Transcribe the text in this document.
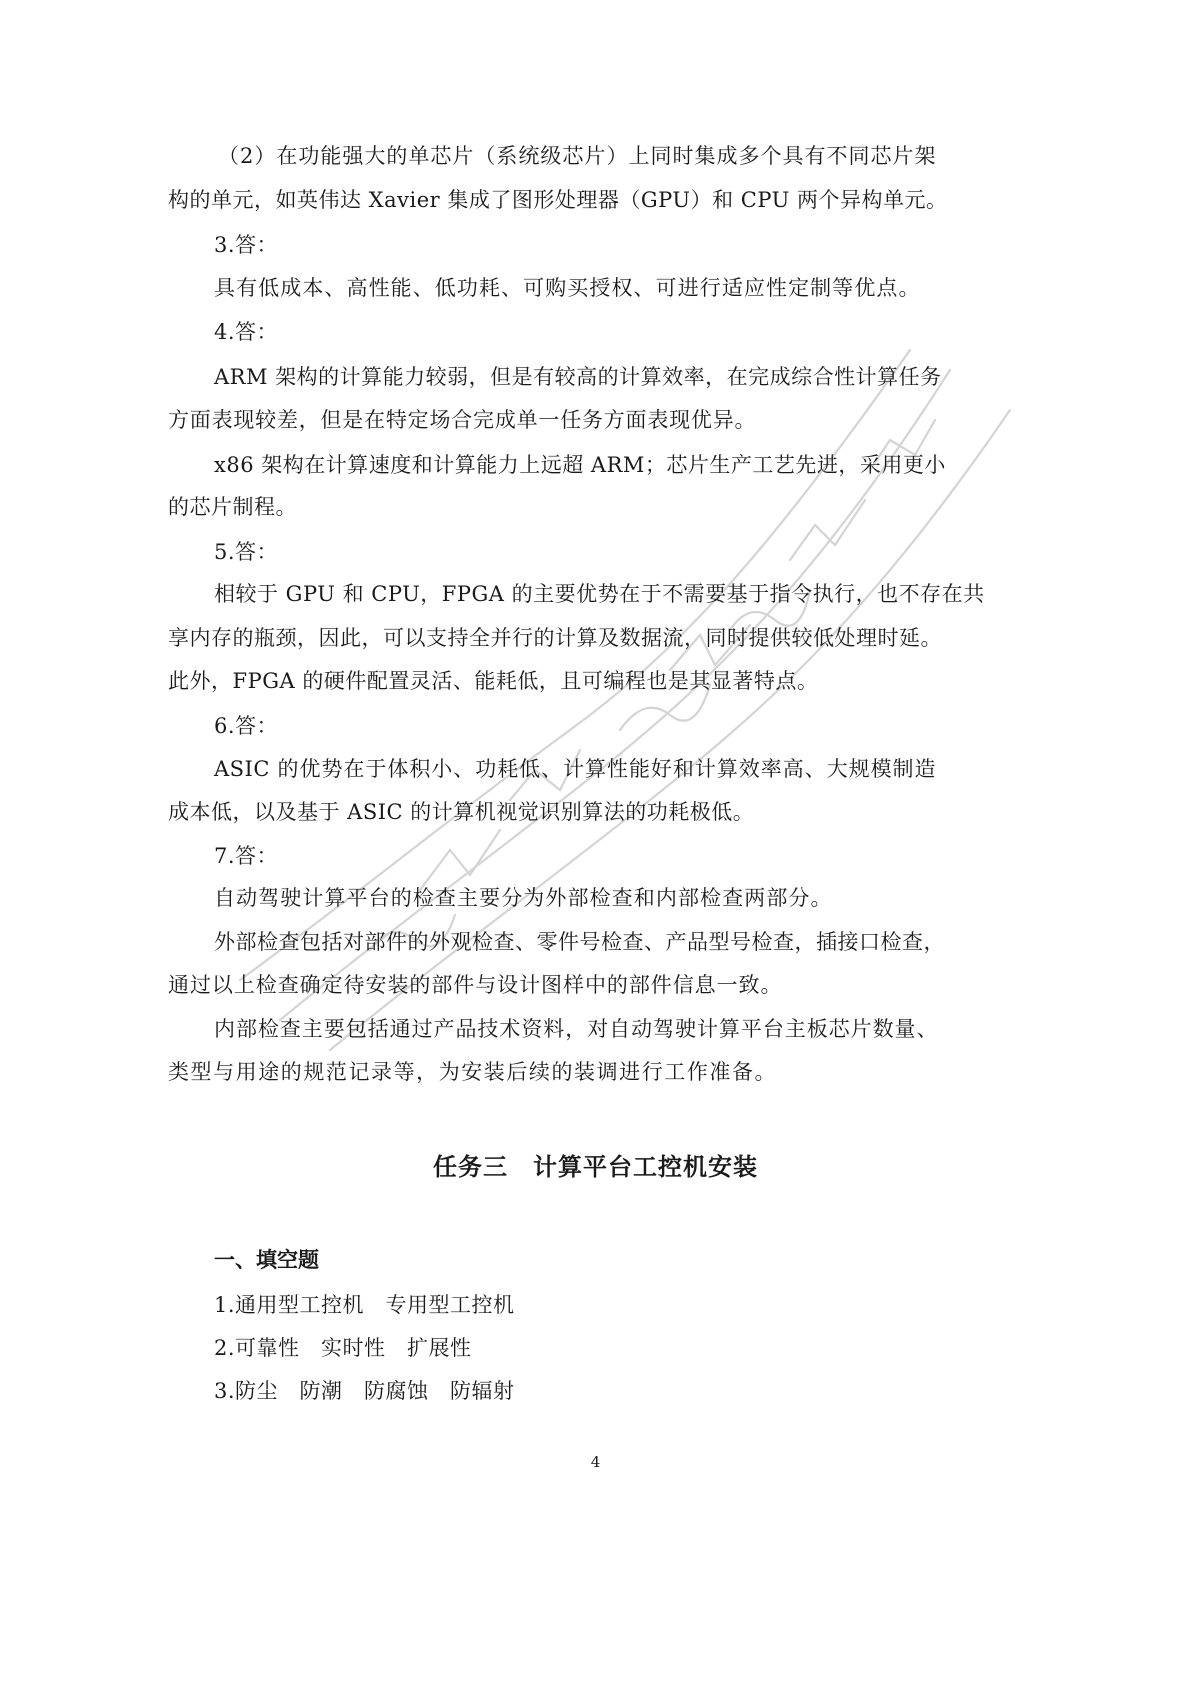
（2）在功能强大的单芯片（系统级芯片）上同时集成多个具有不同芯片架
构的单元，如英伟达 Xavier 集成了图形处理器（GPU）和 CPU 两个异构单元。
3.答：
具有低成本、高性能、低功耗、可购买授权、可进行适应性定制等优点。
4.答：
ARM 架构的计算能力较弱，但是有较高的计算效率，在完成综合性计算任务
方面表现较差，但是在特定场合完成单一任务方面表现优异。
x86 架构在计算速度和计算能力上远超 ARM；芯片生产工艺先进，采用更小
的芯片制程。
5.答：
相较于 GPU 和 CPU，FPGA 的主要优势在于不需要基于指令执行，也不存在共
享内存的瓶颈，因此，可以支持全并行的计算及数据流，同时提供较低处理时延。
此外，FPGA 的硬件配置灵活、能耗低，且可编程也是其显著特点。
6.答：
ASIC 的优势在于体积小、功耗低、计算性能好和计算效率高、大规模制造
成本低，以及基于 ASIC 的计算机视觉识别算法的功耗极低。
7.答：
自动驾驶计算平台的检查主要分为外部检查和内部检查两部分。
外部检查包括对部件的外观检查、零件号检查、产品型号检查，插接口检查，
通过以上检查确定待安装的部件与设计图样中的部件信息一致。
内部检查主要包括通过产品技术资料，对自动驾驶计算平台主板芯片数量、
类型与用途的规范记录等，为安装后续的装调进行工作准备。
任务三　计算平台工控机安装
一、填空题
1.通用型工控机　专用型工控机
2.可靠性　实时性　扩展性
3.防尘　防潮　防腐蚀　防辐射
4
